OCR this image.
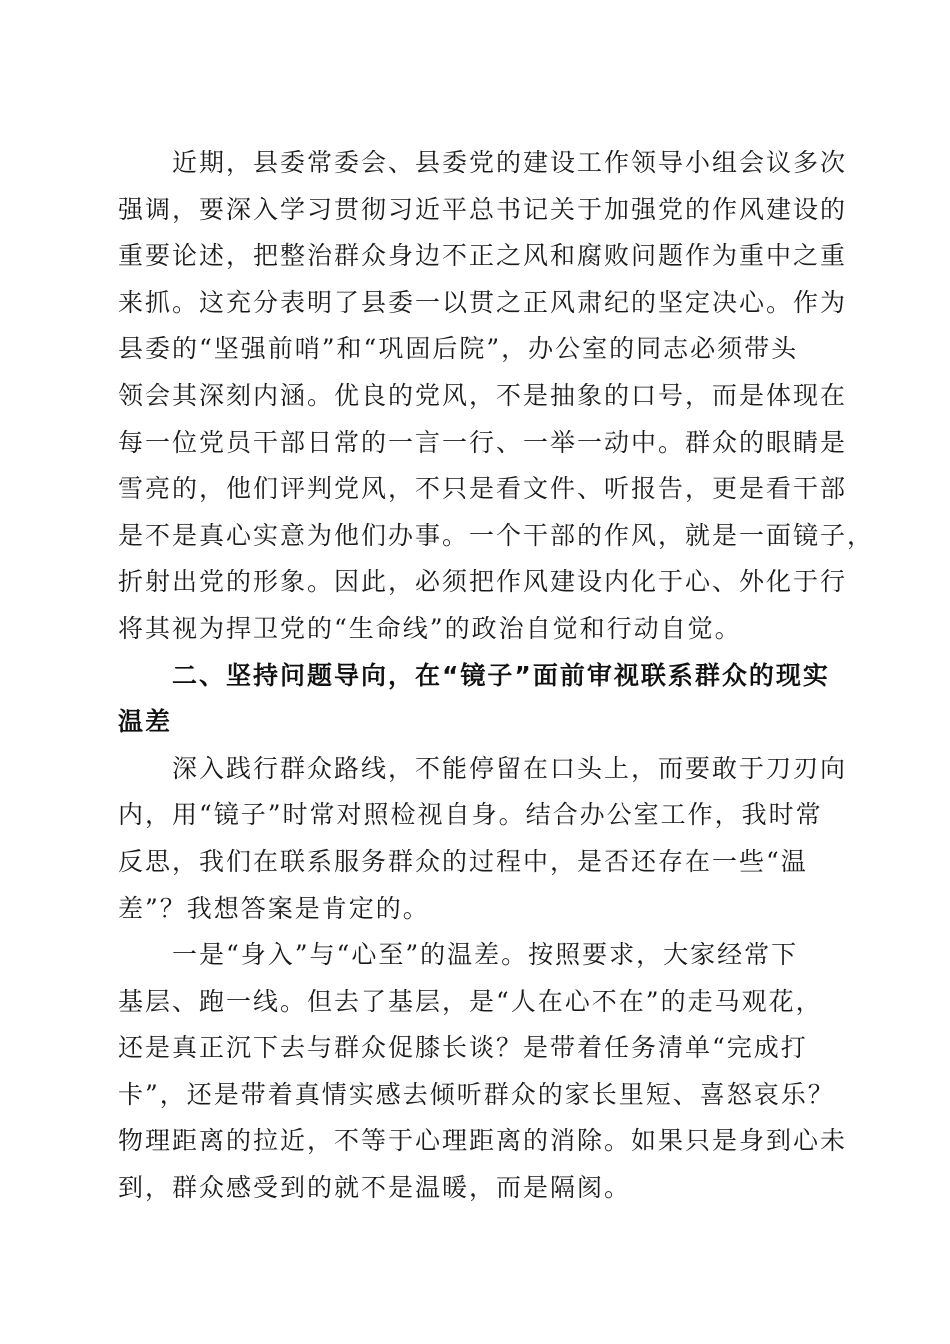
　　近期，县委常委会、县委党的建设工作领导小组会议多次
强调，要深入学习贯彻习近平总书记关于加强党的作风建设的
重要论述，把整治群众身边不正之风和腐败问题作为重中之重
来抓。这充分表明了县委一以贯之正风肃纪的坚定决心。作为
县委的“坚强前哨”和“巩固后院”，办公室的同志必须带头
领会其深刻内涵。优良的党风，不是抽象的口号，而是体现在
每一位党员干部日常的一言一行、一举一动中。群众的眼睛是
雪亮的，他们评判党风，不只是看文件、听报告，更是看干部
是不是真心实意为他们办事。一个干部的作风，就是一面镜子，
折射出党的形象。因此，必须把作风建设内化于心、外化于行
将其视为捍卫党的“生命线”的政治自觉和行动自觉。
　　二、坚持问题导向，在“镜子”面前审视联系群众的现实
温差
　　深入践行群众路线，不能停留在口头上，而要敢于刀刃向
内，用“镜子”时常对照检视自身。结合办公室工作，我时常
反思，我们在联系服务群众的过程中，是否还存在一些“温
差”？我想答案是肯定的。
　　一是“身入”与“心至”的温差。按照要求，大家经常下
基层、跑一线。但去了基层，是“人在心不在”的走马观花，
还是真正沉下去与群众促膝长谈？是带着任务清单“完成打
卡”，还是带着真情实感去倾听群众的家长里短、喜怒哀乐？
物理距离的拉近，不等于心理距离的消除。如果只是身到心未
到，群众感受到的就不是温暖，而是隔阂。
